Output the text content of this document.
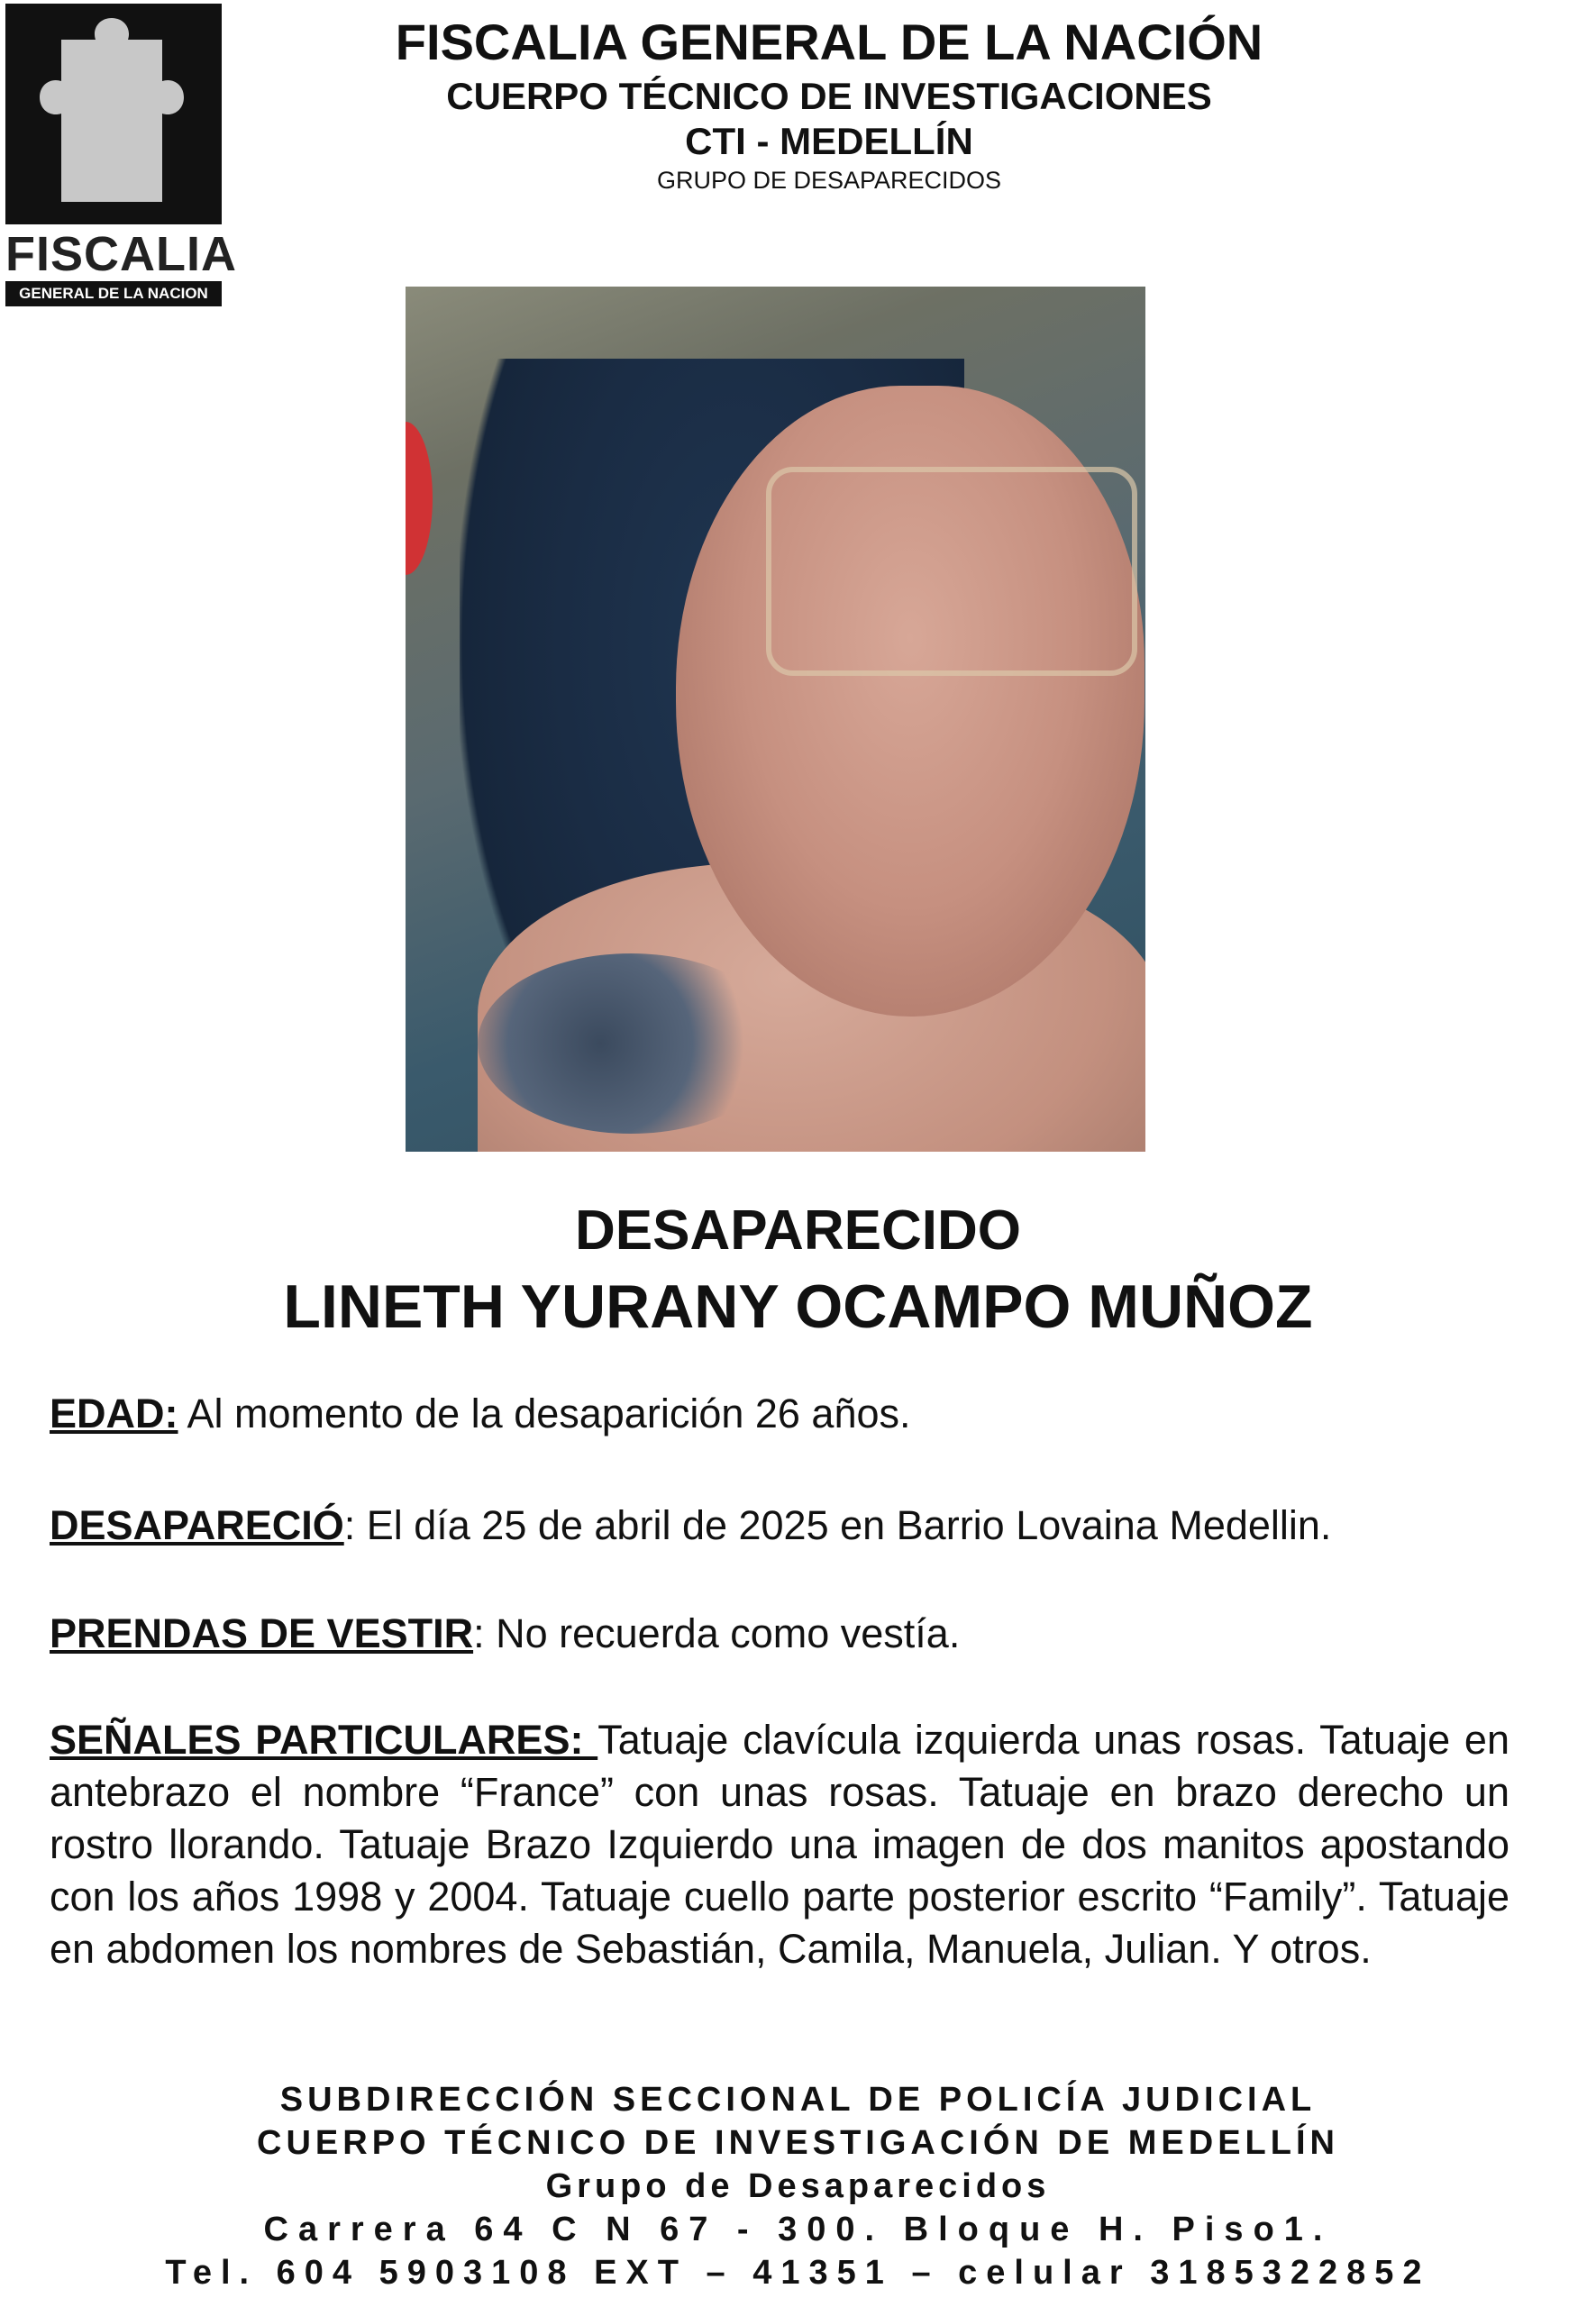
FISCALIA
GENERAL DE LA NACION
FISCALIA GENERAL DE LA NACIÓN
CUERPO TÉCNICO DE INVESTIGACIONES
CTI - MEDELLÍN
GRUPO DE DESAPARECIDOS
DESAPARECIDO
LINETH YURANY OCAMPO MUÑOZ

EDAD: Al momento de la desaparición 26 años.

DESAPARECIÓ: El día 25 de abril de 2025 en Barrio Lovaina Medellin.

PRENDAS DE VESTIR: No recuerda como vestía.

SEÑALES PARTICULARES: Tatuaje clavícula izquierda unas rosas. Tatuaje en antebrazo el nombre “France” con unas rosas. Tatuaje en brazo derecho un rostro llorando. Tatuaje Brazo Izquierdo una imagen de dos manitos apostando con los años 1998 y 2004. Tatuaje cuello parte posterior escrito “Family”. Tatuaje en abdomen los nombres de Sebastián, Camila, Manuela, Julian. Y otros.

SUBDIRECCIÓN SECCIONAL DE POLICÍA JUDICIAL
CUERPO TÉCNICO DE INVESTIGACIÓN DE MEDELLÍN
Grupo de Desaparecidos
Carrera 64 C N 67 - 300. Bloque H. Piso1.
Tel. 604 5903108 EXT – 41351 – celular 3185322852
